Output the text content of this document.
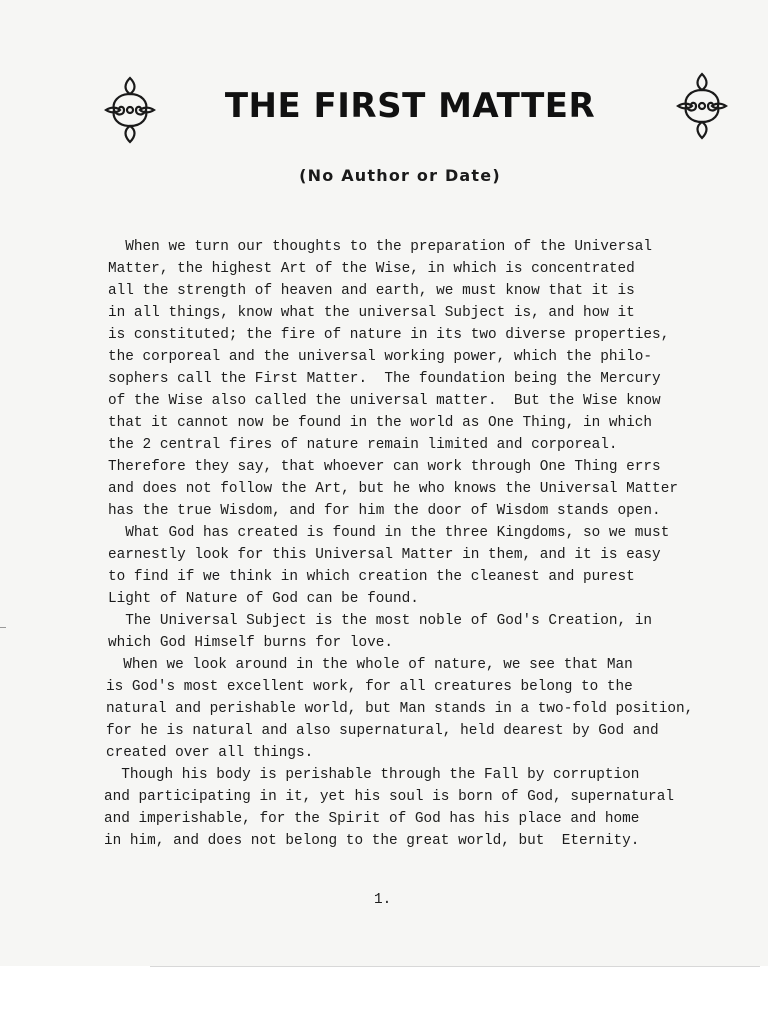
THE FIRST MATTER
(No Author or Date)
When we turn our thoughts to the preparation of the Universal
Matter, the highest Art of the Wise, in which is concentrated
all the strength of heaven and earth, we must know that it is
in all things, know what the universal Subject is, and how it
is constituted; the fire of nature in its two diverse properties,
the corporeal and the universal working power, which the philo-
sophers call the First Matter.  The foundation being the Mercury
of the Wise also called the universal matter.  But the Wise know
that it cannot now be found in the world as One Thing, in which
the 2 central fires of nature remain limited and corporeal.
Therefore they say, that whoever can work through One Thing errs
and does not follow the Art, but he who knows the Universal Matter
has the true Wisdom, and for him the door of Wisdom stands open.
What God has created is found in the three Kingdoms, so we must
earnestly look for this Universal Matter in them, and it is easy
to find if we think in which creation the cleanest and purest
Light of Nature of God can be found.
The Universal Subject is the most noble of God's Creation, in
which God Himself burns for love.
When we look around in the whole of nature, we see that Man
is God's most excellent work, for all creatures belong to the
natural and perishable world, but Man stands in a two-fold position,
for he is natural and also supernatural, held dearest by God and
created over all things.
Though his body is perishable through the Fall by corruption
and participating in it, yet his soul is born of God, supernatural
and imperishable, for the Spirit of God has his place and home
in him, and does not belong to the great world, but  Eternity.
1.
